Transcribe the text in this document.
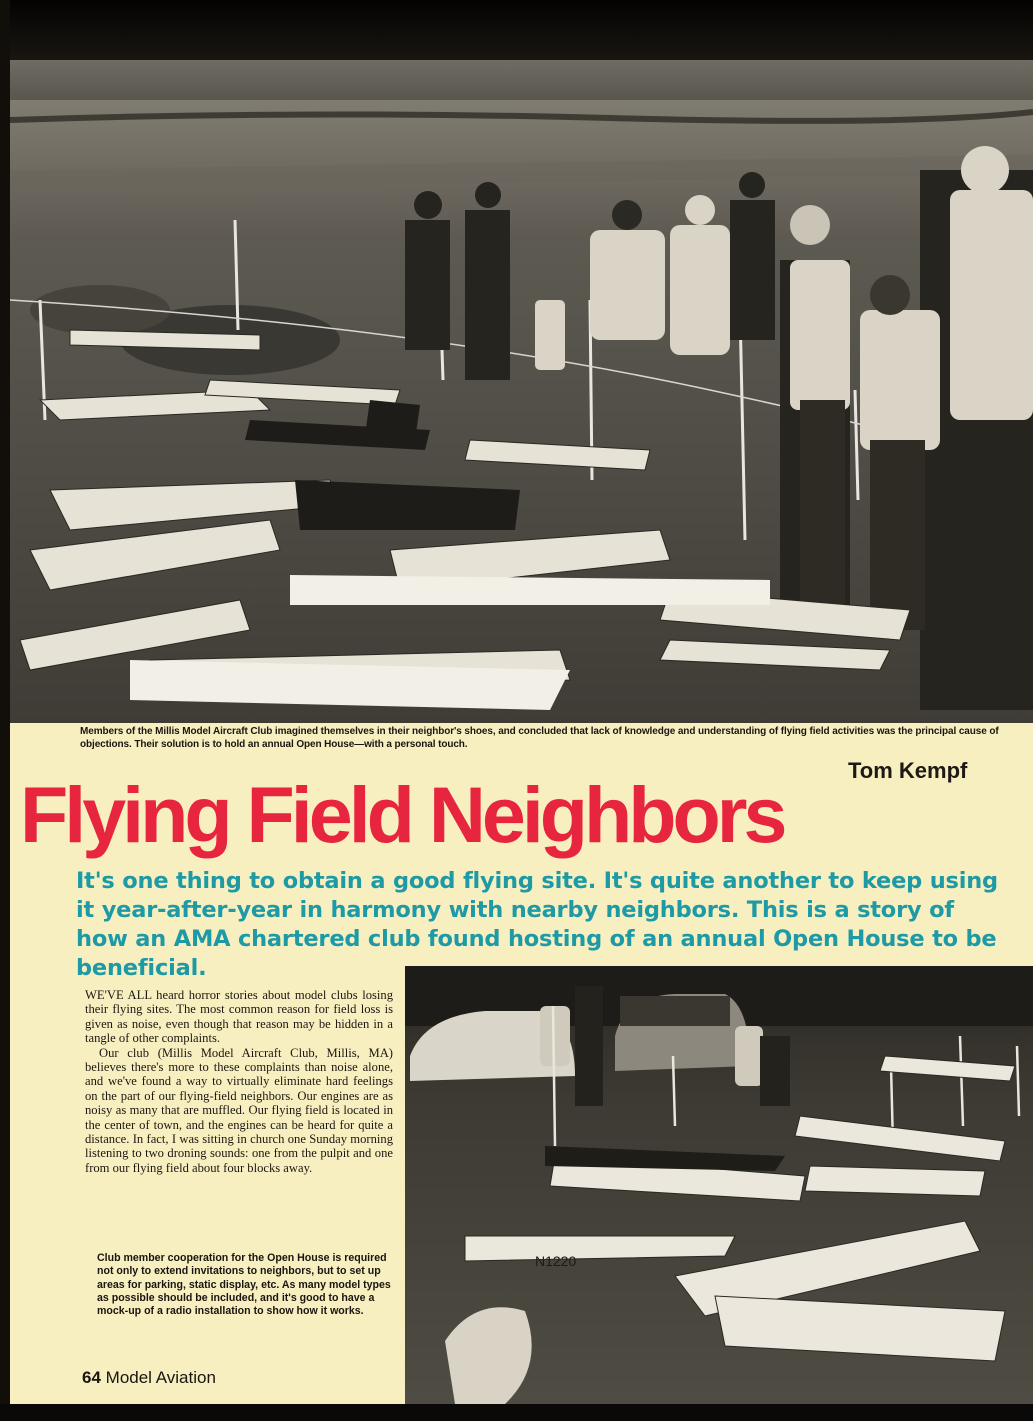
Members of the Millis Model Aircraft Club imagined themselves in their neighbor's shoes, and concluded that lack of knowledge and understanding of flying field activities was the principal cause of objections. Their solution is to hold an annual Open House—with a personal touch.
Tom Kempf
Flying Field Neighbors
It's one thing to obtain a good flying site. It's quite another to keep using it year-after-year in harmony with nearby neighbors. This is a story of how an AMA chartered club found hosting of an annual Open House to be beneficial.
N1220

WE'VE ALL heard horror stories about model clubs losing their flying sites. The most common reason for field loss is given as noise, even though that reason may be hidden in a tangle of other complaints.

Our club (Millis Model Aircraft Club, Millis, MA) believes there's more to these complaints than noise alone, and we've found a way to virtually eliminate hard feelings on the part of our flying-field neighbors. Our engines are as noisy as many that are muffled. Our flying field is located in the center of town, and the engines can be heard for quite a distance. In fact, I was sitting in church one Sunday morning listening to two droning sounds: one from the pulpit and one from our flying field about four blocks away.

Club member cooperation for the Open House is required not only to extend invitations to neighbors, but to set up areas for parking, static display, etc. As many model types as possible should be included, and it's good to have a mock-up of a radio installation to show how it works.
64 Model Aviation
